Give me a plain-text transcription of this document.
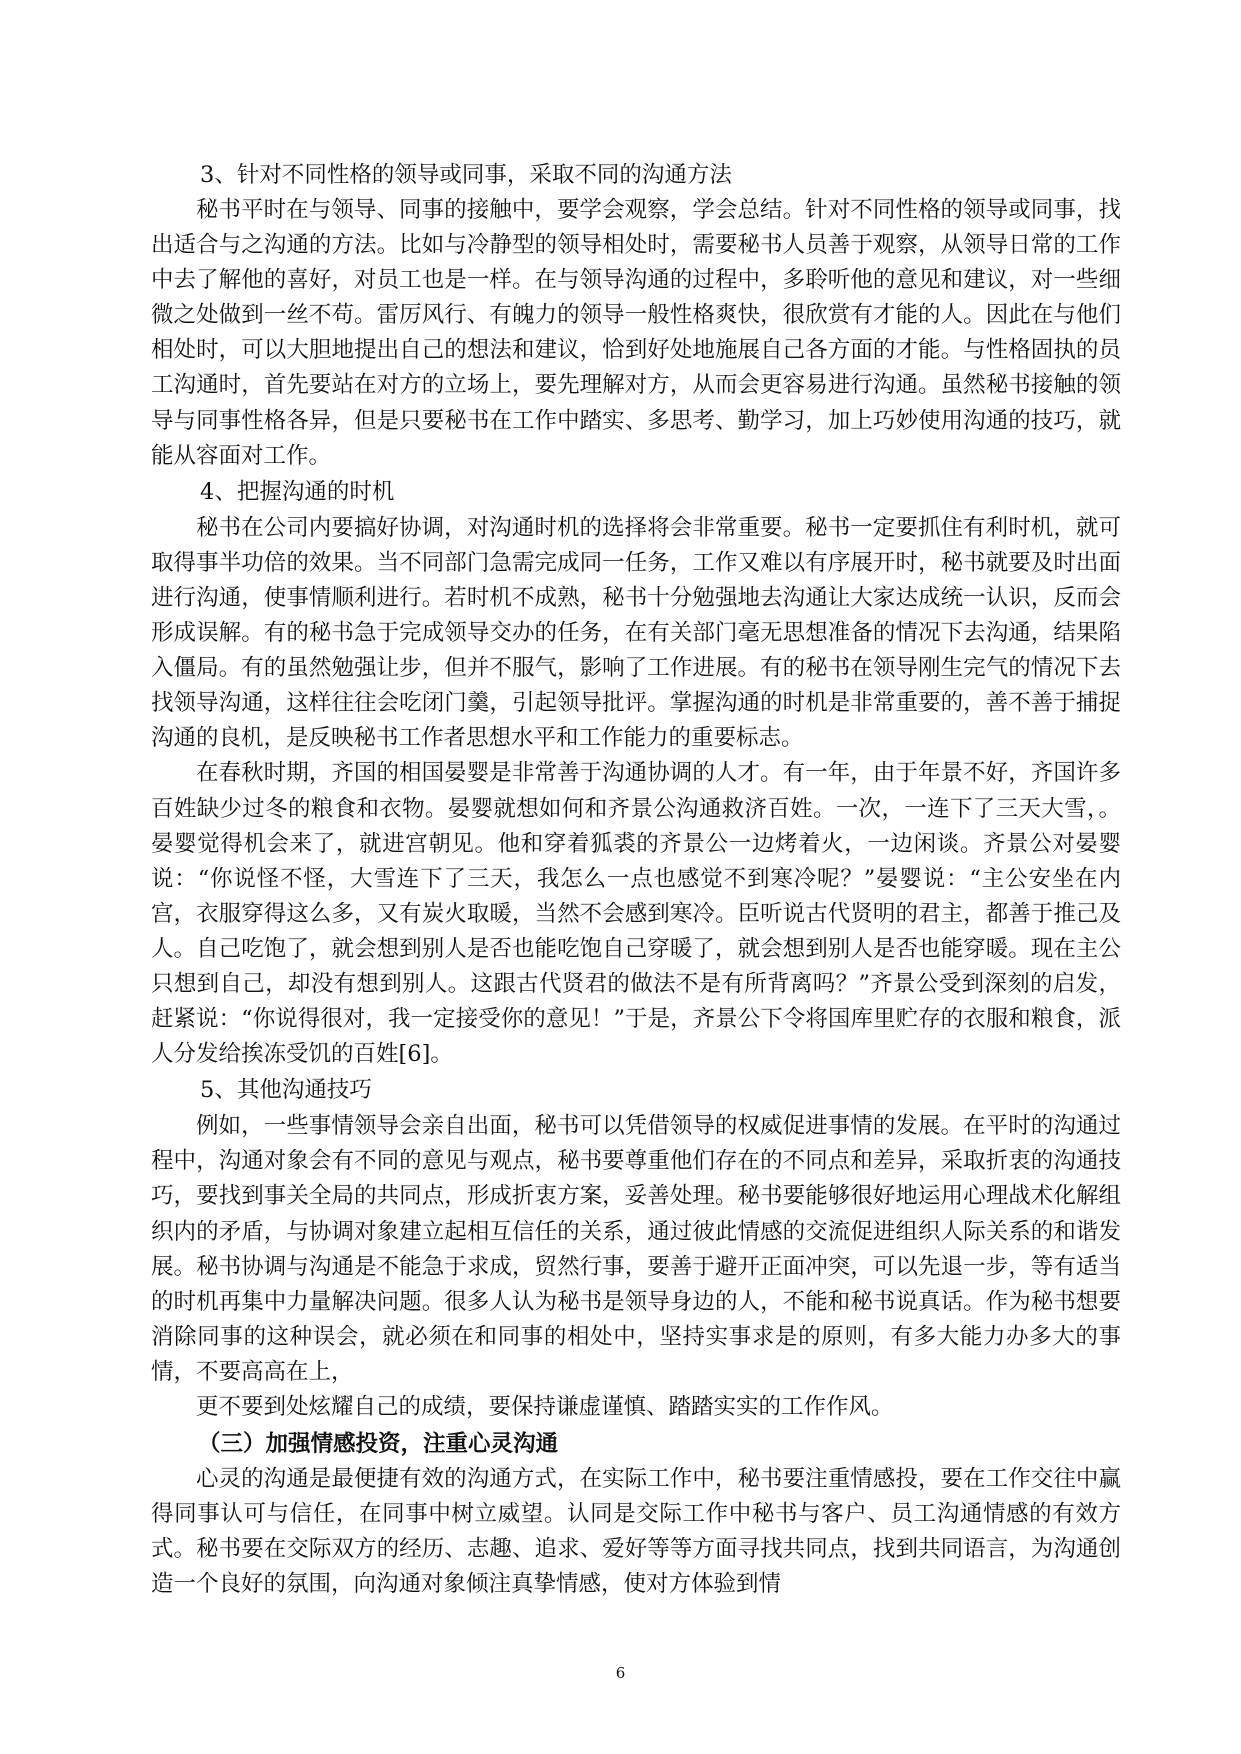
3、针对不同性格的领导或同事，采取不同的沟通方法
秘书平时在与领导、同事的接触中，要学会观察，学会总结。针对不同性格的领导或同事，找出适合与之沟通的方法。比如与冷静型的领导相处时，需要秘书人员善于观察，从领导日常的工作中去了解他的喜好，对员工也是一样。在与领导沟通的过程中，多聆听他的意见和建议，对一些细微之处做到一丝不苟。雷厉风行、有魄力的领导一般性格爽快，很欣赏有才能的人。因此在与他们相处时，可以大胆地提出自己的想法和建议，恰到好处地施展自己各方面的才能。与性格固执的员工沟通时，首先要站在对方的立场上，要先理解对方，从而会更容易进行沟通。虽然秘书接触的领导与同事性格各异，但是只要秘书在工作中踏实、多思考、勤学习，加上巧妙使用沟通的技巧，就能从容面对工作。
4、把握沟通的时机
秘书在公司内要搞好协调，对沟通时机的选择将会非常重要。秘书一定要抓住有利时机，就可取得事半功倍的效果。当不同部门急需完成同一任务，工作又难以有序展开时，秘书就要及时出面进行沟通，使事情顺利进行。若时机不成熟，秘书十分勉强地去沟通让大家达成统一认识，反而会形成误解。有的秘书急于完成领导交办的任务，在有关部门毫无思想准备的情况下去沟通，结果陷入僵局。有的虽然勉强让步，但并不服气，影响了工作进展。有的秘书在领导刚生完气的情况下去找领导沟通，这样往往会吃闭门羹，引起领导批评。掌握沟通的时机是非常重要的，善不善于捕捉沟通的良机，是反映秘书工作者思想水平和工作能力的重要标志。
在春秋时期，齐国的相国晏婴是非常善于沟通协调的人才。有一年，由于年景不好，齐国许多百姓缺少过冬的粮食和衣物。晏婴就想如何和齐景公沟通救济百姓。一次，一连下了三天大雪，。晏婴觉得机会来了，就进宫朝见。他和穿着狐裘的齐景公一边烤着火，一边闲谈。齐景公对晏婴说：“你说怪不怪，大雪连下了三天，我怎么一点也感觉不到寒冷呢？”晏婴说：“主公安坐在内宫，衣服穿得这么多，又有炭火取暖，当然不会感到寒冷。臣听说古代贤明的君主，都善于推己及人。自己吃饱了，就会想到别人是否也能吃饱自己穿暖了，就会想到别人是否也能穿暖。现在主公只想到自己，却没有想到别人。这跟古代贤君的做法不是有所背离吗？”齐景公受到深刻的启发，赶紧说：“你说得很对，我一定接受你的意见！”于是，齐景公下令将国库里贮存的衣服和粮食，派人分发给挨冻受饥的百姓[6]。
5、其他沟通技巧
例如，一些事情领导会亲自出面，秘书可以凭借领导的权威促进事情的发展。在平时的沟通过程中，沟通对象会有不同的意见与观点，秘书要尊重他们存在的不同点和差异，采取折衷的沟通技巧，要找到事关全局的共同点，形成折衷方案，妥善处理。秘书要能够很好地运用心理战术化解组织内的矛盾，与协调对象建立起相互信任的关系，通过彼此情感的交流促进组织人际关系的和谐发展。秘书协调与沟通是不能急于求成，贸然行事，要善于避开正面冲突，可以先退一步，等有适当的时机再集中力量解决问题。很多人认为秘书是领导身边的人，不能和秘书说真话。作为秘书想要消除同事的这种误会，就必须在和同事的相处中，坚持实事求是的原则，有多大能力办多大的事情，不要高高在上，
更不要到处炫耀自己的成绩，要保持谦虚谨慎、踏踏实实的工作作风。
（三）加强情感投资，注重心灵沟通
心灵的沟通是最便捷有效的沟通方式，在实际工作中，秘书要注重情感投，要在工作交往中赢得同事认可与信任，在同事中树立威望。认同是交际工作中秘书与客户、员工沟通情感的有效方式。秘书要在交际双方的经历、志趣、追求、爱好等等方面寻找共同点，找到共同语言，为沟通创造一个良好的氛围，向沟通对象倾注真挚情感，使对方体验到情
6
